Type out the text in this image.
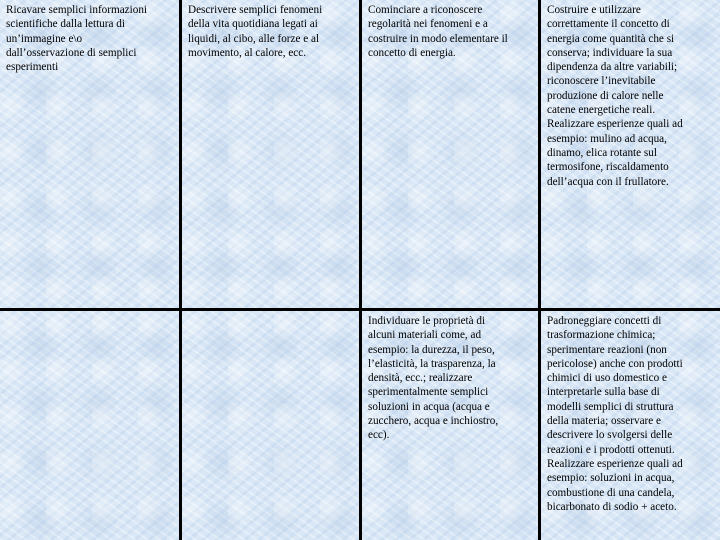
Ricavare semplici informazioni
scientifiche dalla lettura di
un’immagine e\o
dall’osservazione di semplici
esperimenti
Descrivere semplici fenomeni
della vita quotidiana legati ai
liquidi, al cibo, alle forze e al
movimento, al calore, ecc.
Cominciare a riconoscere
regolarità nei fenomeni e a
costruire in modo elementare il
concetto di energia.
Costruire e utilizzare
correttamente il concetto di
energia come quantità che si
conserva; individuare la sua
dipendenza da altre variabili;
riconoscere l’inevitabile
produzione di calore nelle
catene energetiche reali.
Realizzare esperienze quali ad
esempio: mulino ad acqua,
dinamo, elica rotante sul
termosifone, riscaldamento
dell’acqua con il frullatore.
Individuare le proprietà di
alcuni materiali come, ad
esempio: la durezza, il peso,
l’elasticità, la trasparenza, la
densità, ecc.; realizzare
sperimentalmente semplici
soluzioni in acqua (acqua e
zucchero, acqua e inchiostro,
ecc).
Padroneggiare concetti di
trasformazione chimica;
sperimentare reazioni (non
pericolose) anche con prodotti
chimici di uso domestico e
interpretarle sulla base di
modelli semplici di struttura
della materia; osservare e
descrivere lo svolgersi delle
reazioni e i prodotti ottenuti.
Realizzare esperienze quali ad
esempio: soluzioni in acqua,
combustione di una candela,
bicarbonato di sodio + aceto.
